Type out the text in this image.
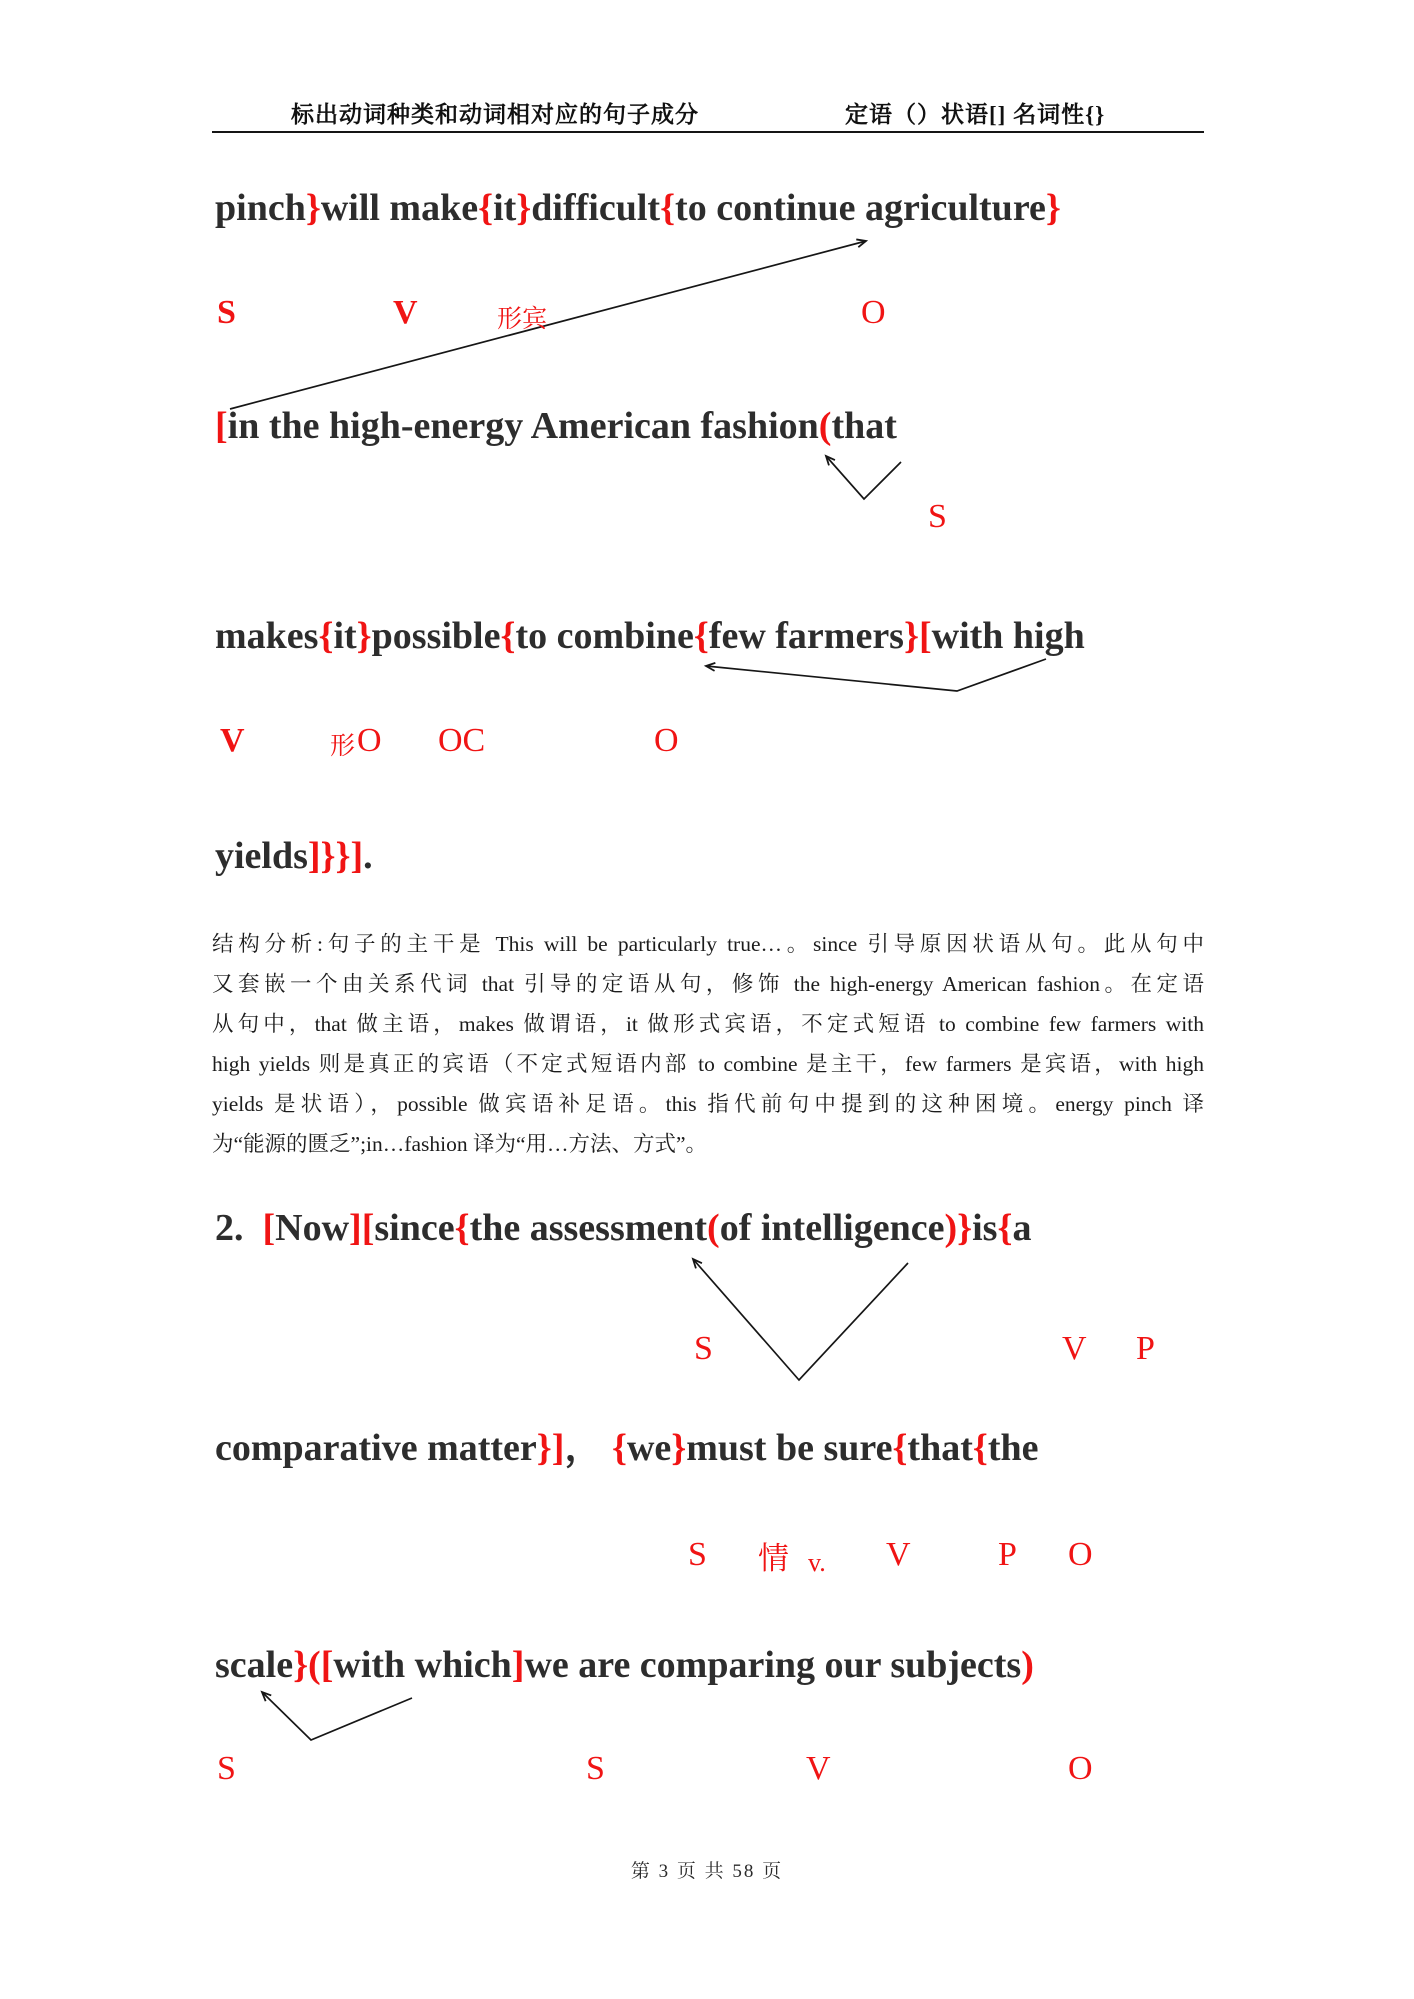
标出动词种类和动词相对应的句子成分	定语（）状语[] 名词性{}
pinch}will make{it}difficult{to continue agriculture}
S	V	形宾	O
[in the high-energy American fashion(that
S
makes{it}possible{to combine{few farmers}[with high
V	形 O OC	O
yields]}}].
结构分析:句子的主干是 This will be particularly true…。since 引导原因状语从句。此从句中
又套嵌一个由关系代词 that 引导的定语从句，修饰 the high-energy American fashion。在定语
从句中，that 做主语，makes 做谓语，it 做形式宾语，不定式短语 to combine few farmers with
high yields 则是真正的宾语（不定式短语内部 to combine 是主干，few farmers 是宾语，with high
yields 是状语），possible 做宾语补足语。this 指代前句中提到的这种困境。energy pinch 译
为“能源的匮乏”;in…fashion 译为“用…方法、方式”。
2.  [Now][since{the assessment(of intelligence)}is{a
S	V P
comparative matter}]， {we}must be sure{that{the
S 情 v. V	P O
scale}([with which]we are comparing our subjects)
S	S	V	O
第 3 页 共 58 页
